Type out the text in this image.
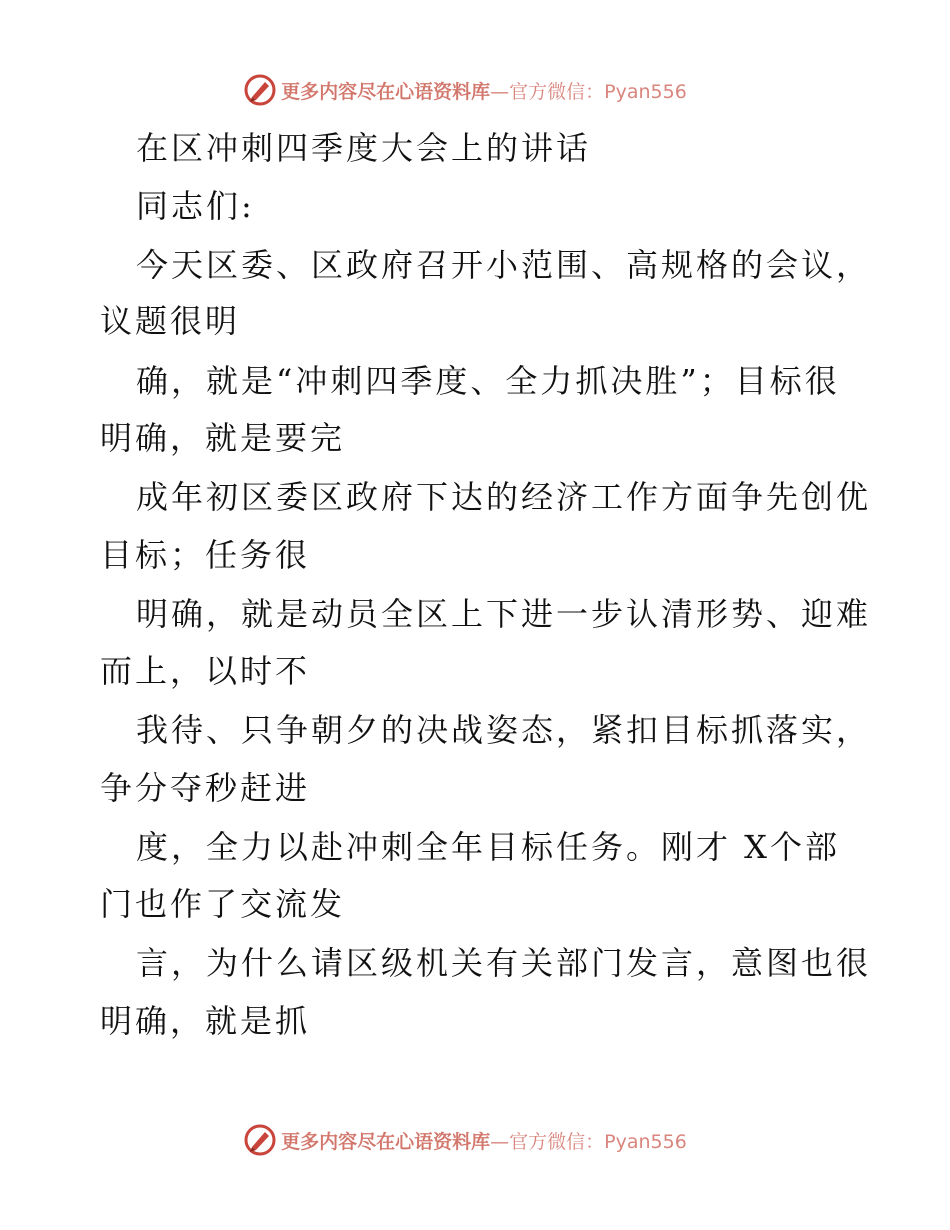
更多内容尽在心语资料库—官方微信：Pyan556
在区冲刺四季度大会上的讲话
同志们:
今天区委、区政府召开小范围、高规格的会议，
议题很明
确，就是“冲刺四季度、全力抓决胜”；目标很
明确，就是要完
成年初区委区政府下达的经济工作方面争先创优
目标；任务很
明确，就是动员全区上下进一步认清形势、迎难
而上，以时不
我待、只争朝夕的决战姿态，紧扣目标抓落实，
争分夺秒赶进
度，全力以赴冲刺全年目标任务。刚才 X个部
门也作了交流发
言，为什么请区级机关有关部门发言，意图也很
明确，就是抓
更多内容尽在心语资料库—官方微信：Pyan556
